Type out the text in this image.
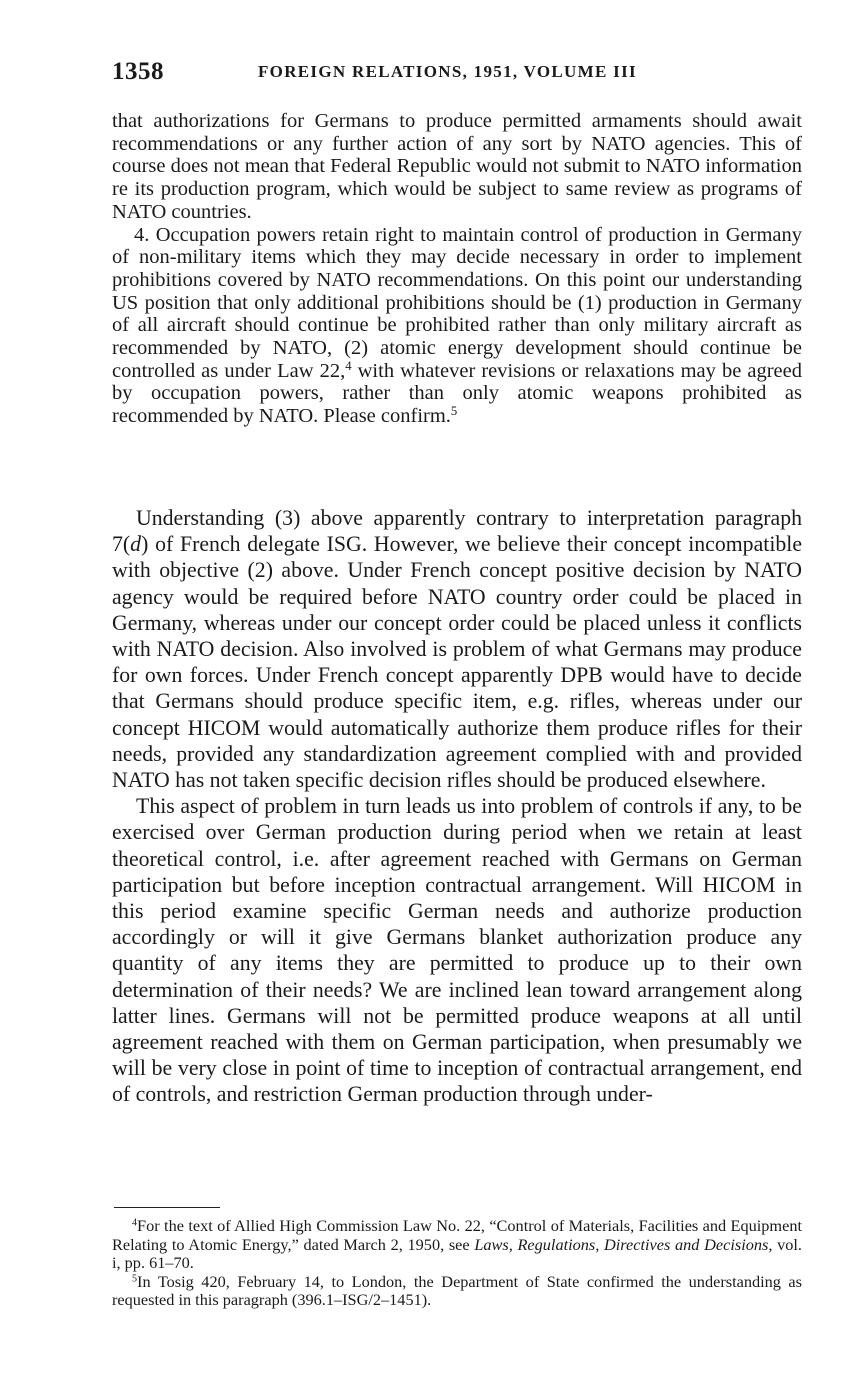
1358	FOREIGN RELATIONS, 1951, VOLUME III

that authorizations for Germans to produce permitted armaments should await recommendations or any further action of any sort by NATO agencies. This of course does not mean that Federal Republic would not submit to NATO information re its production program, which would be subject to same review as programs of NATO countries.

4. Occupation powers retain right to maintain control of production in Germany of non-military items which they may decide necessary in order to implement prohibitions covered by NATO recommendations. On this point our understanding US position that only additional prohibitions should be (1) production in Germany of all aircraft should continue be prohibited rather than only military aircraft as recommended by NATO, (2) atomic energy development should continue be controlled as under Law 22,$^4$ with whatever revisions or relaxations may be agreed by occupation powers, rather than only atomic weapons prohibited as recommended by NATO. Please confirm.$^5$

Understanding (3) above apparently contrary to interpretation paragraph 7(d) of French delegate ISG. However, we believe their concept incompatible with objective (2) above. Under French concept positive decision by NATO agency would be required before NATO country order could be placed in Germany, whereas under our concept order could be placed unless it conflicts with NATO decision. Also involved is problem of what Germans may produce for own forces. Under French concept apparently DPB would have to decide that Germans should produce specific item, e.g. rifles, whereas under our concept HICOM would automatically authorize them produce rifles for their needs, provided any standardization agreement complied with and provided NATO has not taken specific decision rifles should be produced elsewhere.

This aspect of problem in turn leads us into problem of controls if any, to be exercised over German production during period when we retain at least theoretical control, i.e. after agreement reached with Germans on German participation but before inception contractual arrangement. Will HICOM in this period examine specific German needs and authorize production accordingly or will it give Germans blanket authorization produce any quantity of any items they are permitted to produce up to their own determination of their needs? We are inclined lean toward arrangement along latter lines. Germans will not be permitted produce weapons at all until agreement reached with them on German participation, when presumably we will be very close in point of time to inception of contractual arrangement, end of controls, and restriction German production through under-

$^4$For the text of Allied High Commission Law No. 22, “Control of Materials, Facilities and Equipment Relating to Atomic Energy,” dated March 2, 1950, see Laws, Regulations, Directives and Decisions, vol. i, pp. 61–70.

$^5$In Tosig 420, February 14, to London, the Department of State confirmed the understanding as requested in this paragraph (396.1–ISG/2–1451).
